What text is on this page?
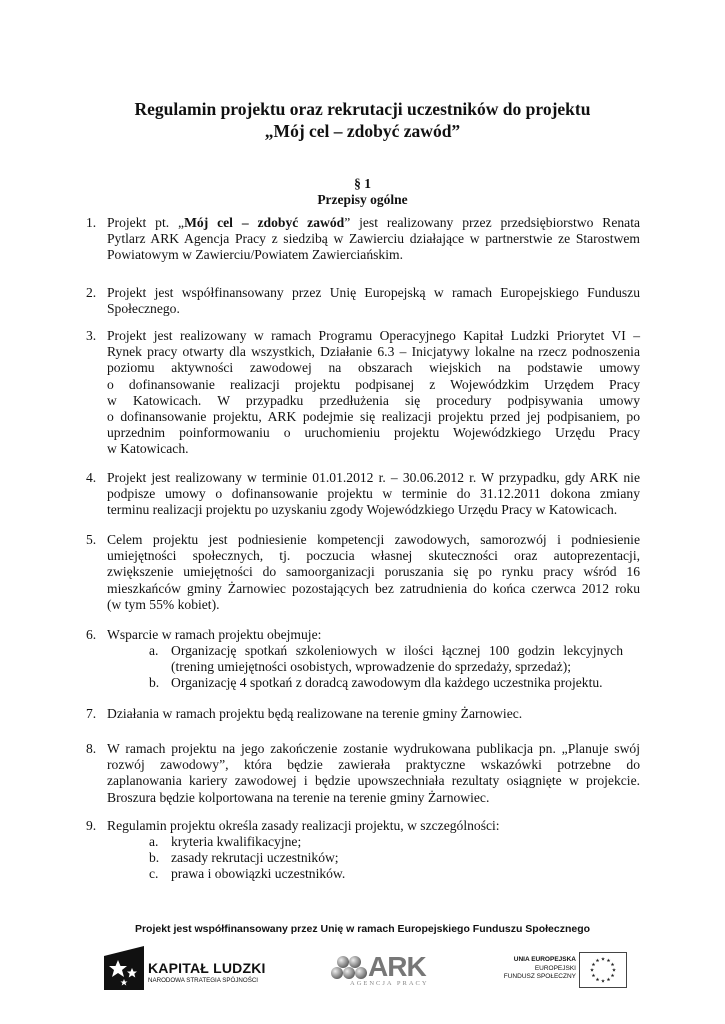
Regulamin projektu oraz rekrutacji uczestników do projektu
„Mój cel – zdobyć zawód”
§ 1
Przepisy ogólne
1. Projekt pt. „Mój cel – zdobyć zawód” jest realizowany przez przedsiębiorstwo Renata
Pytlarz ARK Agencja Pracy z siedzibą w Zawierciu działające w partnerstwie ze Starostwem
Powiatowym w Zawierciu/Powiatem Zawierciańskim.
2. Projekt jest współfinansowany przez Unię Europejską w ramach Europejskiego Funduszu
Społecznego.
3. Projekt jest realizowany w ramach Programu Operacyjnego Kapitał Ludzki Priorytet VI –
Rynek pracy otwarty dla wszystkich, Działanie 6.3 – Inicjatywy lokalne na rzecz podnoszenia
poziomu aktywności zawodowej na obszarach wiejskich na podstawie umowy
o dofinansowanie realizacji projektu podpisanej z Wojewódzkim Urzędem Pracy
w Katowicach. W przypadku przedłużenia się procedury podpisywania umowy
o dofinansowanie projektu, ARK podejmie się realizacji projektu przed jej podpisaniem, po
uprzednim poinformowaniu o uruchomieniu projektu Wojewódzkiego Urzędu Pracy
w Katowicach.
4. Projekt jest realizowany w terminie 01.01.2012 r. – 30.06.2012 r. W przypadku, gdy ARK nie
podpisze umowy o dofinansowanie projektu w terminie do 31.12.2011 dokona zmiany
terminu realizacji projektu po uzyskaniu zgody Wojewódzkiego Urzędu Pracy w Katowicach.
5. Celem projektu jest podniesienie kompetencji zawodowych, samorozwój i podniesienie
umiejętności społecznych, tj. poczucia własnej skuteczności oraz autoprezentacji,
zwiększenie umiejętności do samoorganizacji poruszania się po rynku pracy wśród 16
mieszkańców gminy Żarnowiec pozostających bez zatrudnienia do końca czerwca 2012 roku
(w tym 55% kobiet).
6. Wsparcie w ramach projektu obejmuje:
a. Organizację spotkań szkoleniowych w ilości łącznej 100 godzin lekcyjnych
(trening umiejętności osobistych, wprowadzenie do sprzedaży, sprzedaż);
b. Organizację 4 spotkań z doradcą zawodowym dla każdego uczestnika projektu.
7. Działania w ramach projektu będą realizowane na terenie gminy Żarnowiec.
8. W ramach projektu na jego zakończenie zostanie wydrukowana publikacja pn. „Planuje swój
rozwój zawodowy”, która będzie zawierała praktyczne wskazówki potrzebne do
zaplanowania kariery zawodowej i będzie upowszechniała rezultaty osiągnięte w projekcie.
Broszura będzie kolportowana na terenie na terenie gminy Żarnowiec.
9. Regulamin projektu określa zasady realizacji projektu, w szczególności:
a. kryteria kwalifikacyjne;
b. zasady rekrutacji uczestników;
c. prawa i obowiązki uczestników.
Projekt jest współfinansowany przez Unię w ramach Europejskiego Funduszu Społecznego
KAPITAŁ LUDZKI
NARODOWA STRATEGIA SPÓJNOŚCI	ARK
AGENCJA PRACY
UNIA EUROPEJSKA
EUROPEJSKI
FUNDUSZ SPOŁECZNY
